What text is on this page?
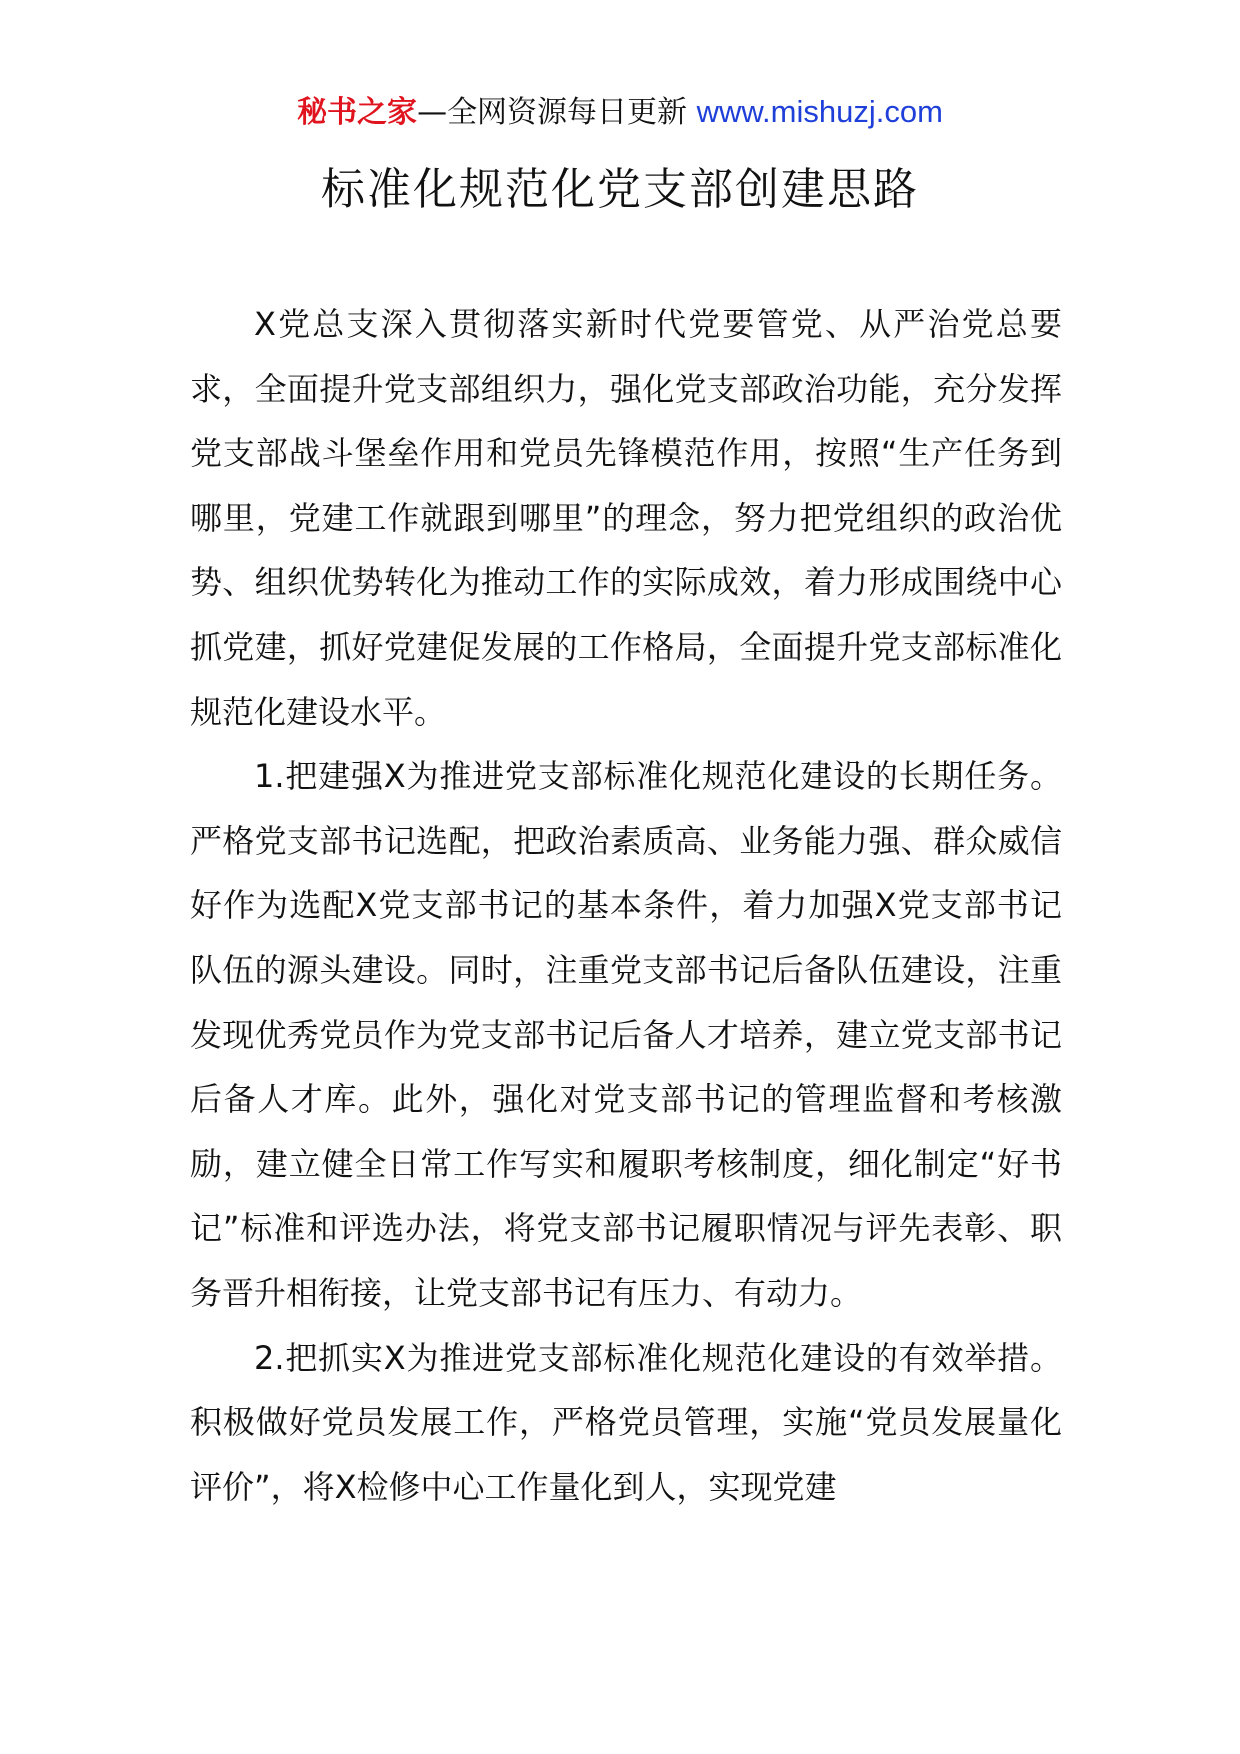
秘书之家—全网资源每日更新 www.mishuzj.com
标准化规范化党支部创建思路

X党总支深入贯彻落实新时代党要管党、从严治党总要求，全面提升党支部组织力，强化党支部政治功能，充分发挥党支部战斗堡垒作用和党员先锋模范作用，按照“生产任务到哪里，党建工作就跟到哪里”的理念，努力把党组织的政治优势、组织优势转化为推动工作的实际成效，着力形成围绕中心抓党建，抓好党建促发展的工作格局，全面提升党支部标准化规范化建设水平。

1.把建强X为推进党支部标准化规范化建设的长期任务。严格党支部书记选配，把政治素质高、业务能力强、群众威信好作为选配X党支部书记的基本条件，着力加强X党支部书记队伍的源头建设。同时，注重党支部书记后备队伍建设，注重发现优秀党员作为党支部书记后备人才培养，建立党支部书记后备人才库。此外，强化对党支部书记的管理监督和考核激励，建立健全日常工作写实和履职考核制度，细化制定“好书记”标准和评选办法，将党支部书记履职情况与评先表彰、职务晋升相衔接，让党支部书记有压力、有动力。

2.把抓实X为推进党支部标准化规范化建设的有效举措。积极做好党员发展工作，严格党员管理，实施“党员发展量化评价”，将X检修中心工作量化到人，实现党建
